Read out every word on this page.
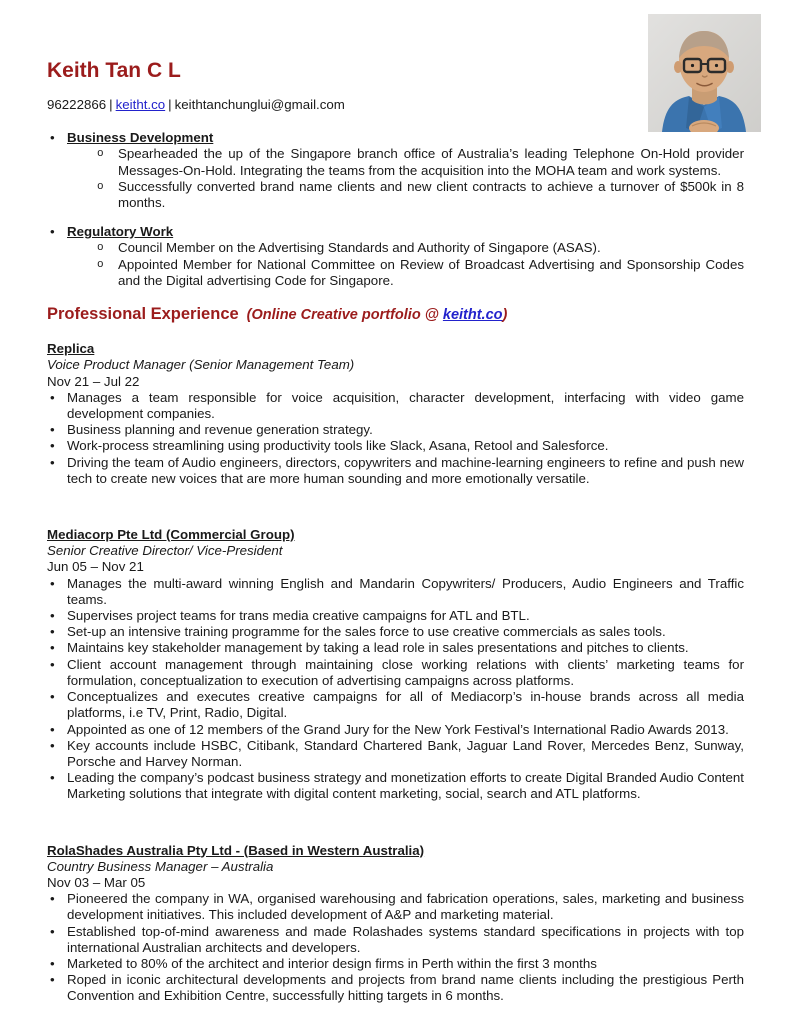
Keith Tan C L

96222866 | keitht.co | keithtanchunglui@gmail.com

• Business Development
o Spearheaded the up of the Singapore branch office of Australia’s leading Telephone On-Hold provider Messages-On-Hold. Integrating the teams from the acquisition into the MOHA team and work systems.
o Successfully converted brand name clients and new client contracts to achieve a turnover of $500k in 8 months.
• Regulatory Work
o Council Member on the Advertising Standards and Authority of Singapore (ASAS).
o Appointed Member for National Committee on Review of Broadcast Advertising and Sponsorship Codes and the Digital advertising Code for Singapore.
Professional Experience (Online Creative portfolio @ keitht.co)
Replica
Voice Product Manager (Senior Management Team)
Nov 21 – Jul 22
• Manages a team responsible for voice acquisition, character development, interfacing with video game development companies.
• Business planning and revenue generation strategy.
• Work-process streamlining using productivity tools like Slack, Asana, Retool and Salesforce.
• Driving the team of Audio engineers, directors, copywriters and machine-learning engineers to refine and push new tech to create new voices that are more human sounding and more emotionally versatile.
Mediacorp Pte Ltd (Commercial Group)
Senior Creative Director/ Vice-President
Jun 05 – Nov 21
• Manages the multi-award winning English and Mandarin Copywriters/ Producers, Audio Engineers and Traffic teams.
• Supervises project teams for trans media creative campaigns for ATL and BTL.
• Set-up an intensive training programme for the sales force to use creative commercials as sales tools.
• Maintains key stakeholder management by taking a lead role in sales presentations and pitches to clients.
• Client account management through maintaining close working relations with clients’ marketing teams for formulation, conceptualization to execution of advertising campaigns across platforms.
• Conceptualizes and executes creative campaigns for all of Mediacorp’s in-house brands across all media platforms, i.e TV, Print, Radio, Digital.
• Appointed as one of 12 members of the Grand Jury for the New York Festival’s International Radio Awards 2013.
• Key accounts include HSBC, Citibank, Standard Chartered Bank, Jaguar Land Rover, Mercedes Benz, Sunway, Porsche and Harvey Norman.
• Leading the company’s podcast business strategy and monetization efforts to create Digital Branded Audio Content Marketing solutions that integrate with digital content marketing, social, search and ATL platforms.
RolaShades Australia Pty Ltd - (Based in Western Australia)
Country Business Manager – Australia
Nov 03 – Mar 05
• Pioneered the company in WA, organised warehousing and fabrication operations, sales, marketing and business development initiatives. This included development of A&P and marketing material.
• Established top-of-mind awareness and made Rolashades systems standard specifications in projects with top international Australian architects and developers.
• Marketed to 80% of the architect and interior design firms in Perth within the first 3 months
• Roped in iconic architectural developments and projects from brand name clients including the prestigious Perth Convention and Exhibition Centre, successfully hitting targets in 6 months.
